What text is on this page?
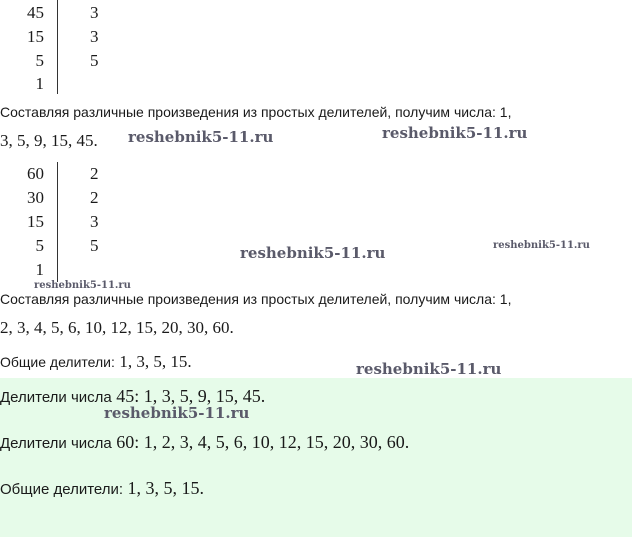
45	3
15	3
5	5
1
Составляя различные произведения из простых делителей, получим числа: 1,
3, 5, 9, 15, 45.
60	2
30	2
15	3
5	5
1
Составляя различные произведения из простых делителей, получим числа: 1,
2, 3, 4, 5, 6, 10, 12, 15, 20, 30, 60.
Общие делители: 1, 3, 5, 15.
Делители числа 45: 1, 3, 5, 9, 15, 45.
Делители числа 60: 1, 2, 3, 4, 5, 6, 10, 12, 15, 20, 30, 60.
Общие делители: 1, 3, 5, 15.
reshebnik5-11.ru	reshebnik5-11.ru
reshebnik5-11.ru	reshebnik5-11.ru
reshebnik5-11.ru
reshebnik5-11.ru
reshebnik5-11.ru
